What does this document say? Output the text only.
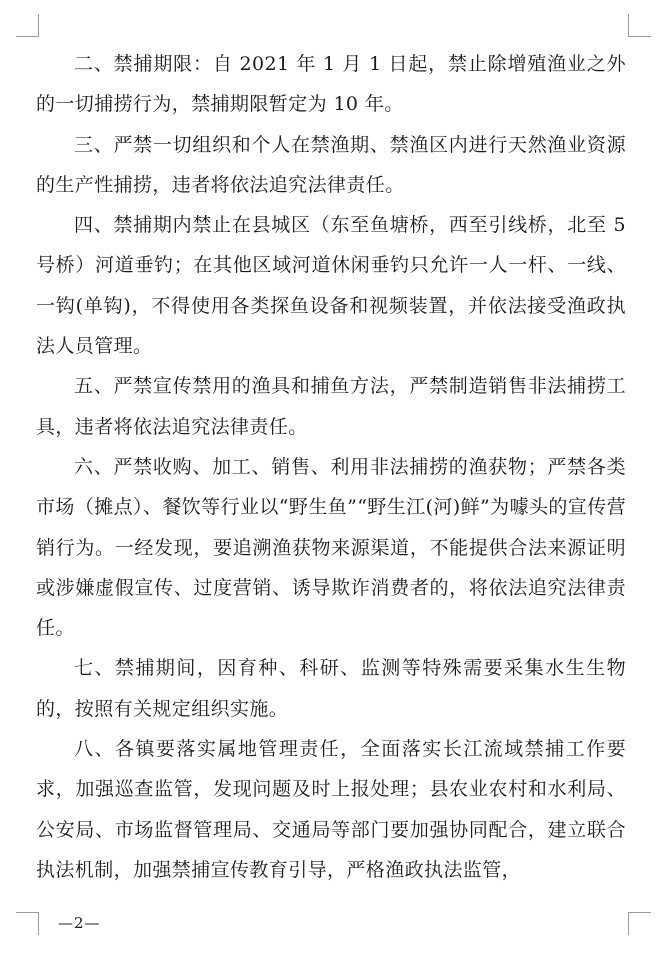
二、禁捕期限：自 2021 年 1 月 1 日起，禁止除增殖渔业之外的一切捕捞行为，禁捕期限暂定为 10 年。

三、严禁一切组织和个人在禁渔期、禁渔区内进行天然渔业资源的生产性捕捞，违者将依法追究法律责任。

四、禁捕期内禁止在县城区（东至鱼塘桥，西至引线桥，北至 5 号桥）河道垂钓；在其他区域河道休闲垂钓只允许一人一杆、一线、一钩(单钩)，不得使用各类探鱼设备和视频装置，并依法接受渔政执法人员管理。

五、严禁宣传禁用的渔具和捕鱼方法，严禁制造销售非法捕捞工具，违者将依法追究法律责任。

六、严禁收购、加工、销售、利用非法捕捞的渔获物；严禁各类市场（摊点）、餐饮等行业以“野生鱼”“野生江(河)鲜”为噱头的宣传营销行为。一经发现，要追溯渔获物来源渠道，不能提供合法来源证明或涉嫌虚假宣传、过度营销、诱导欺诈消费者的，将依法追究法律责任。

七、禁捕期间，因育种、科研、监测等特殊需要采集水生生物的，按照有关规定组织实施。

八、各镇要落实属地管理责任，全面落实长江流域禁捕工作要求，加强巡查监管，发现问题及时上报处理；县农业农村和水利局、公安局、市场监督管理局、交通局等部门要加强协同配合，建立联合执法机制，加强禁捕宣传教育引导，严格渔政执法监管，

—2—
